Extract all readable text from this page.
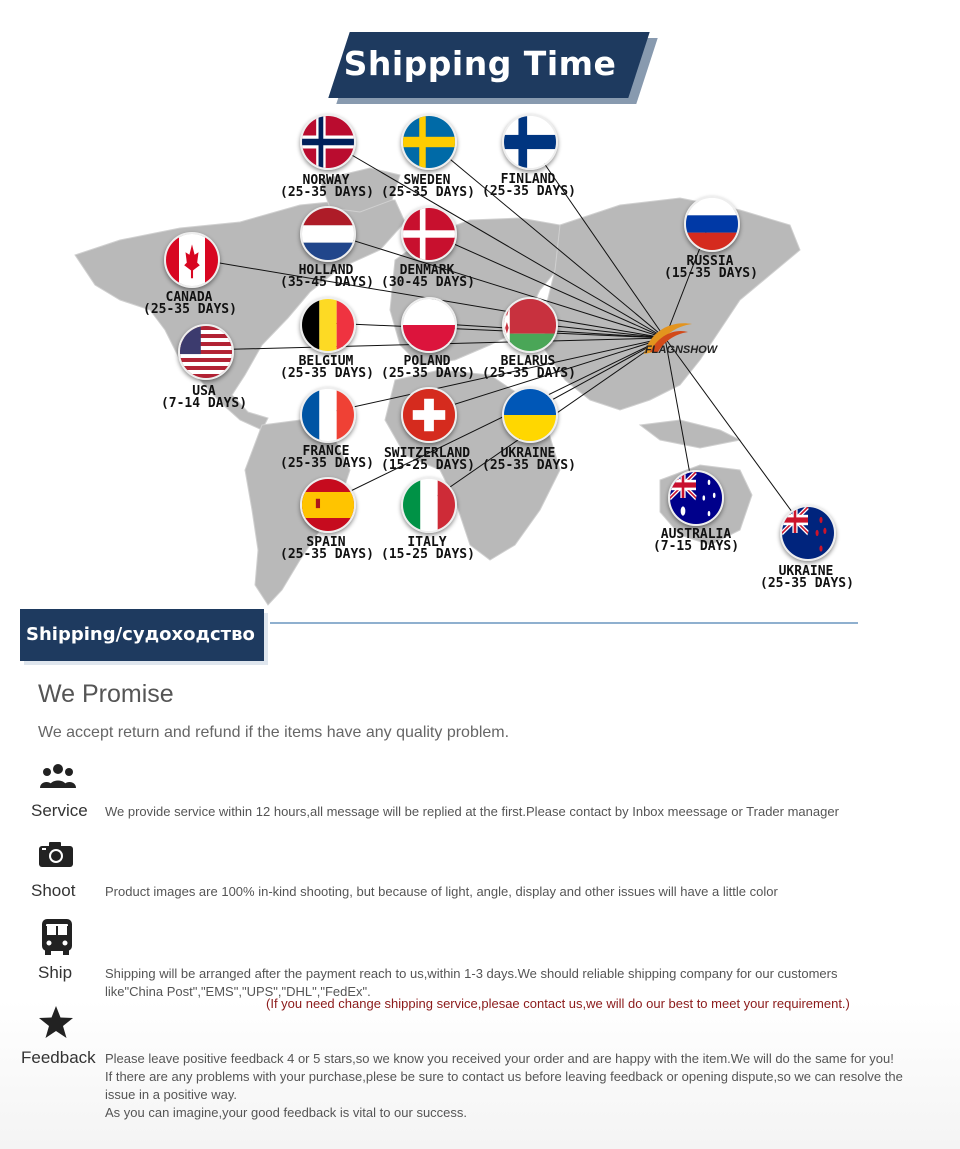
Shipping Time
FLAGNSHOW
NORWAY
(25-35 DAYS)
SWEDEN
(25-35 DAYS)
FINLAND
(25-35 DAYS)
RUSSIA
(15-35 DAYS)
CANADA
(25-35 DAYS)
HOLLAND
(35-45 DAYS)
DENMARK
(30-45 DAYS)
USA
(7-14 DAYS)
BELGIUM
(25-35 DAYS)
POLAND
(25-35 DAYS)
BELARUS
(25-35 DAYS)
FRANCE
(25-35 DAYS)
SWITZERLAND
(15-25 DAYS)
UKRAINE
(25-35 DAYS)
SPAIN
(25-35 DAYS)
ITALY
(15-25 DAYS)
AUSTRALIA
(7-15 DAYS)
UKRAINE
(25-35 DAYS)
Shipping/судоходство
We Promise
We accept return and refund if the items have any quality problem.
Service We provide service within 12 hours,all message will be replied at the first.Please contact by Inbox meessage or Trader manager
Shoot Product images are 100% in-kind shooting, but because of light, angle, display and other issues will have a little color
Ship	Shipping will be arranged after the payment reach to us,within 1-3 days.We should reliable shipping company for our customers
like"China Post","EMS","UPS","DHL","FedEx".
(If you need change shipping service,plesae contact us,we will do our best to meet your requirement.)
Feedback Please leave positive feedback 4 or 5 stars,so we know you received your order and are happy with the item.We will do the same for you!
If there are any problems with your purchase,plese be sure to contact us before leaving feedback or opening dispute,so we can resolve the
issue in a positive way.
As you can imagine,your good feedback is vital to our success.
